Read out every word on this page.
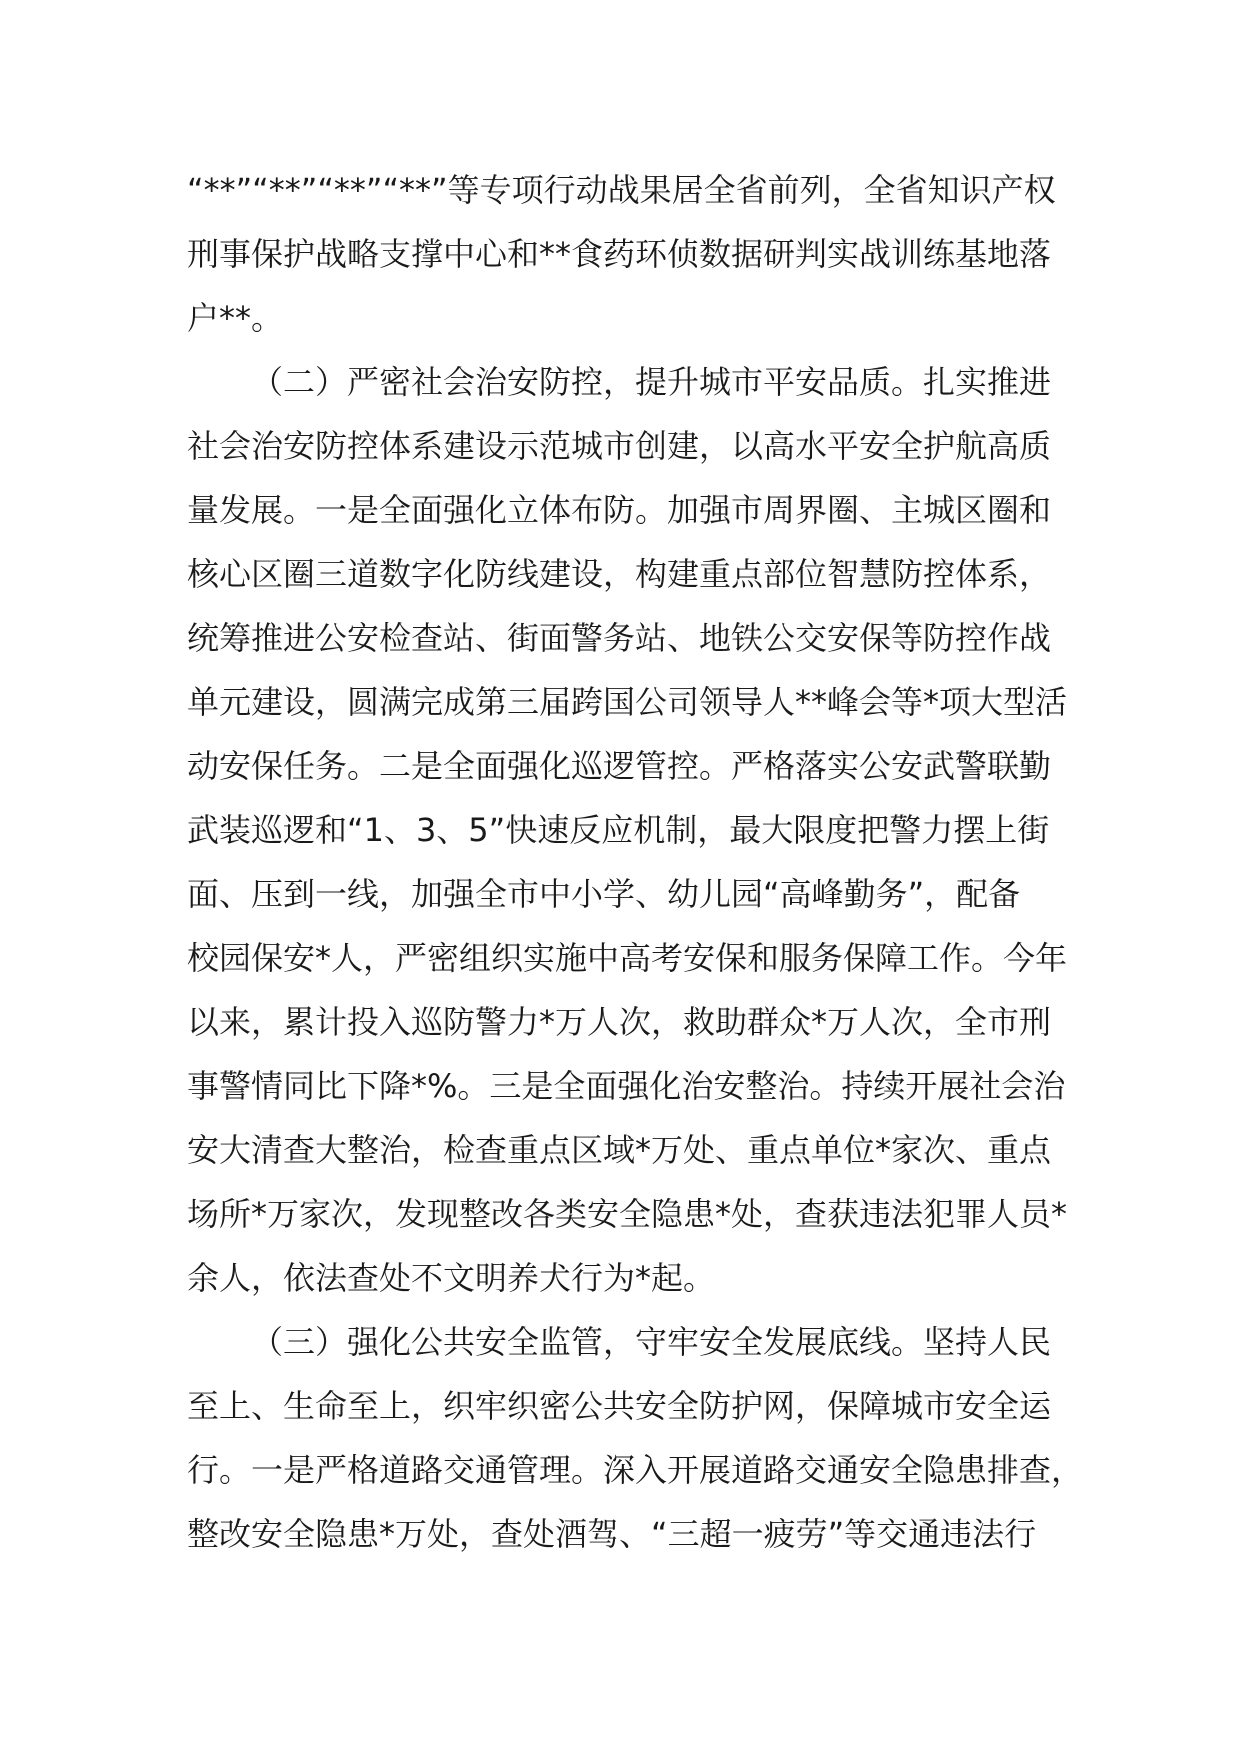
“**”“**”“**”“**”等专项行动战果居全省前列，全省知识产权
刑事保护战略支撑中心和**食药环侦数据研判实战训练基地落
户**。
（二）严密社会治安防控，提升城市平安品质。扎实推进
社会治安防控体系建设示范城市创建，以高水平安全护航高质
量发展。一是全面强化立体布防。加强市周界圈、主城区圈和
核心区圈三道数字化防线建设，构建重点部位智慧防控体系，
统筹推进公安检查站、街面警务站、地铁公交安保等防控作战
单元建设，圆满完成第三届跨国公司领导人**峰会等*项大型活
动安保任务。二是全面强化巡逻管控。严格落实公安武警联勤
武装巡逻和“1、3、5”快速反应机制，最大限度把警力摆上街
面、压到一线，加强全市中小学、幼儿园“高峰勤务”，配备
校园保安*人，严密组织实施中高考安保和服务保障工作。今年
以来，累计投入巡防警力*万人次，救助群众*万人次，全市刑
事警情同比下降*%。三是全面强化治安整治。持续开展社会治
安大清查大整治，检查重点区域*万处、重点单位*家次、重点
场所*万家次，发现整改各类安全隐患*处，查获违法犯罪人员*
余人，依法查处不文明养犬行为*起。
（三）强化公共安全监管，守牢安全发展底线。坚持人民
至上、生命至上，织牢织密公共安全防护网，保障城市安全运
行。一是严格道路交通管理。深入开展道路交通安全隐患排查，
整改安全隐患*万处，查处酒驾、“三超一疲劳”等交通违法行
